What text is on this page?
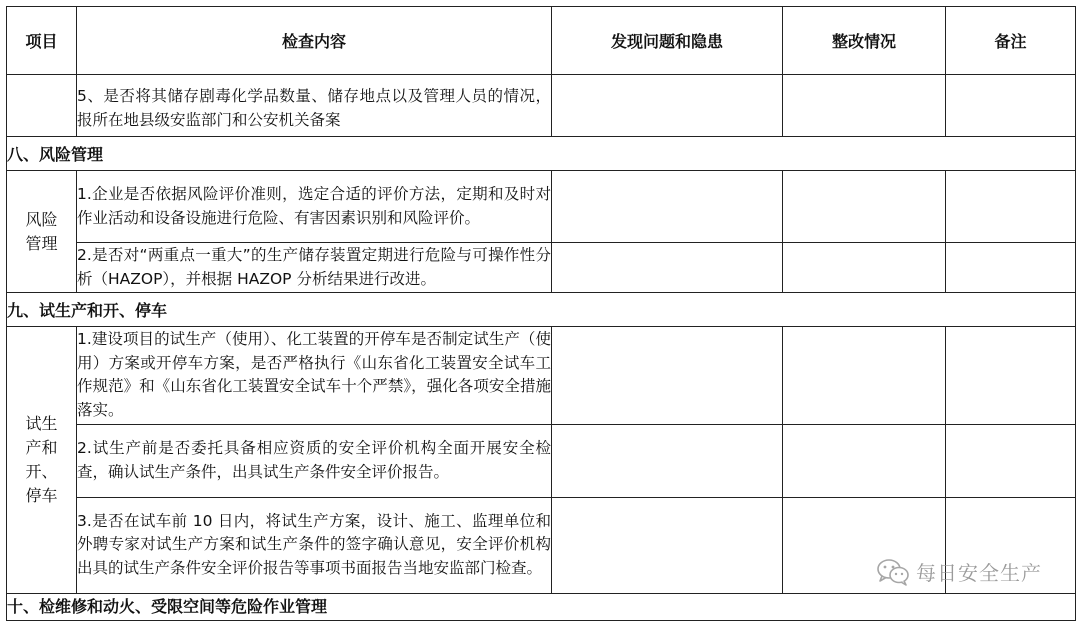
项目	检查内容	发现问题和隐患	整改情况	备注

	5、是否将其储存剧毒化学品数量、储存地点以及管理人员的情况，报所在地县级安监部门和公安机关备案			

八、风险管理				

风险管理	1.企业是否依据风险评价准则，选定合适的评价方法，定期和及时对作业活动和设备设施进行危险、有害因素识别和风险评价。			

	2.是否对“两重点一重大”的生产储存装置定期进行危险与可操作性分析（HAZOP），并根据 HAZOP 分析结果进行改进。			

九、试生产和开、停车				

试生产和开、停车	1.建设项目的试生产（使用）、化工装置的开停车是否制定试生产（使用）方案或开停车方案，是否严格执行《山东省化工装置安全试车工作规范》和《山东省化工装置安全试车十个严禁》，强化各项安全措施落实。			

	2.试生产前是否委托具备相应资质的安全评价机构全面开展安全检查，确认试生产条件，出具试生产条件安全评价报告。			

	3.是否在试车前 10 日内，将试生产方案，设计、施工、监理单位和外聘专家对试生产方案和试生产条件的签字确认意见，安全评价机构出具的试生产条件安全评价报告等事项书面报告当地安监部门检查。			

十、检维修和动火、受限空间等危险作业管理				
每日安全生产
